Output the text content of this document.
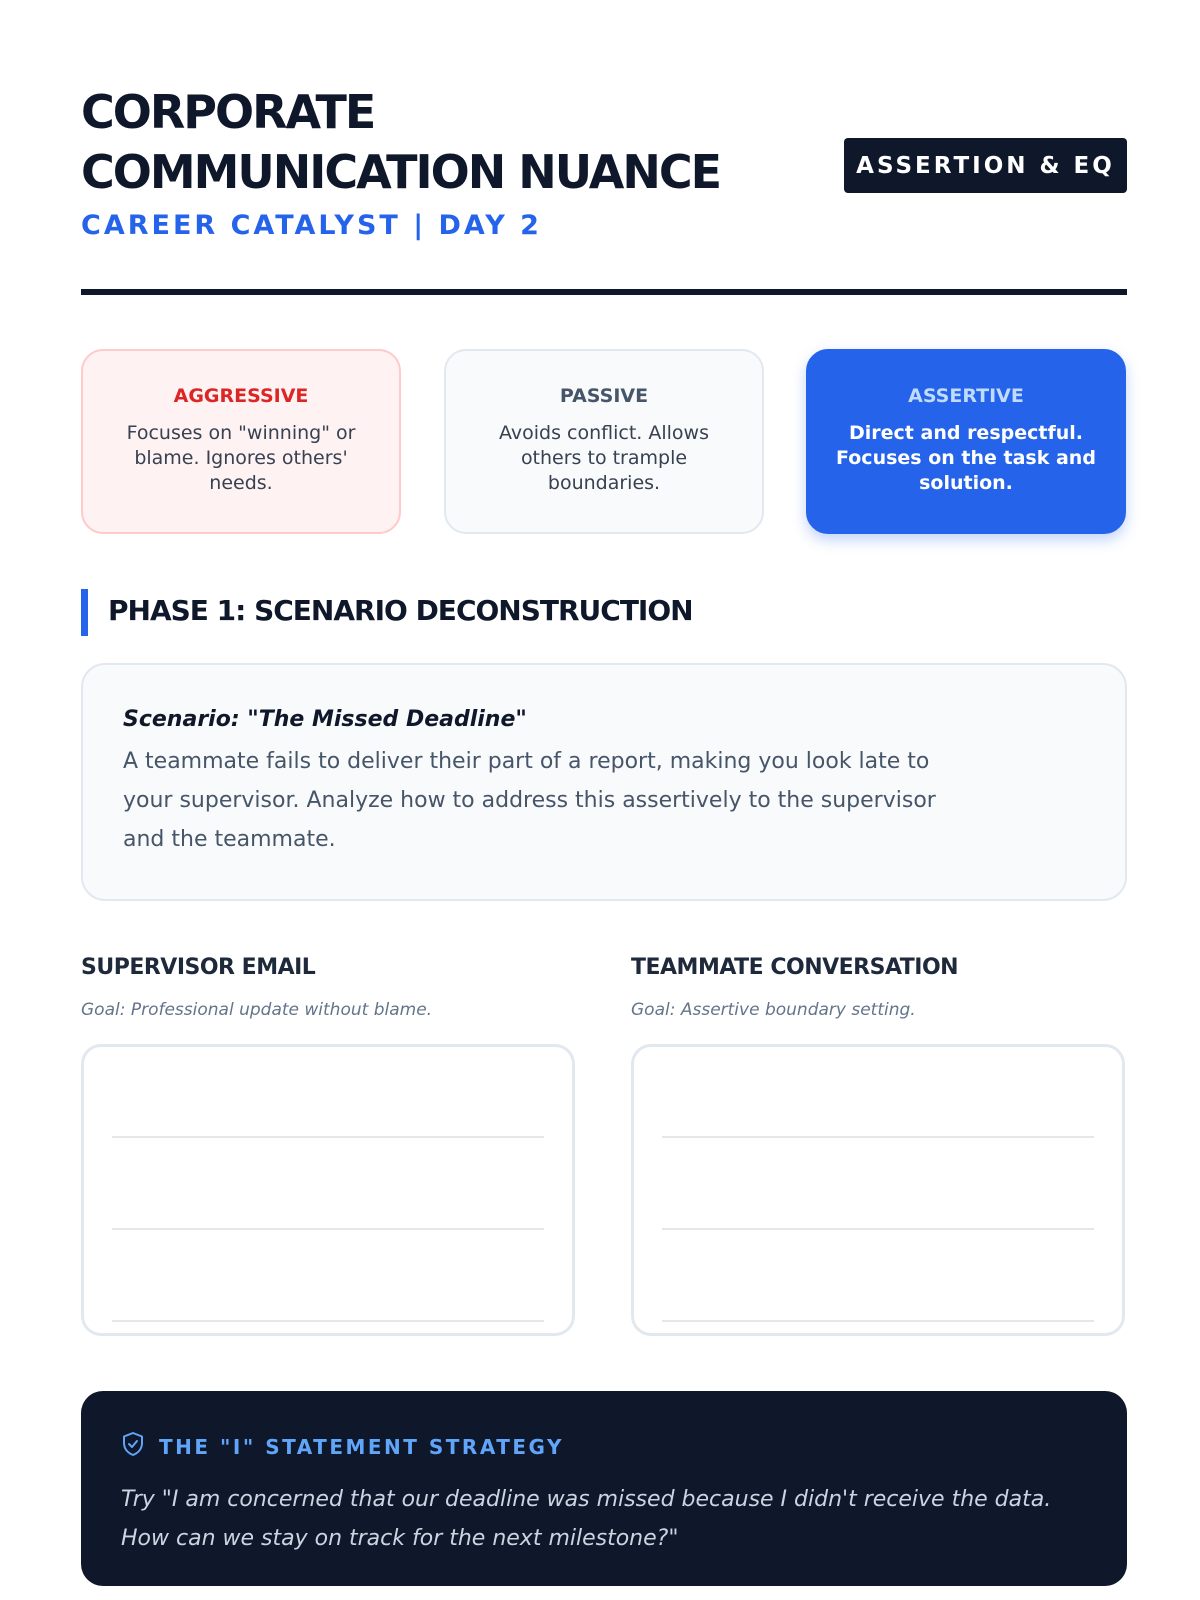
CORPORATE COMMUNICATION NUANCE
CAREER CATALYST | DAY 2
ASSERTION & EQ
AGGRESSIVE
Focuses on "winning" or blame. Ignores others' needs.
PASSIVE
Avoids conflict. Allows others to trample boundaries.
ASSERTIVE
Direct and respectful. Focuses on the task and solution.
PHASE 1: SCENARIO DECONSTRUCTION
Scenario: "The Missed Deadline"
A teammate fails to deliver their part of a report, making you look late to your supervisor. Analyze how to address this assertively to the supervisor and the teammate.
SUPERVISOR EMAIL
Goal: Professional update without blame.
TEAMMATE CONVERSATION
Goal: Assertive boundary setting.
THE "I" STATEMENT STRATEGY
Try "I am concerned that our deadline was missed because I didn't receive the data. How can we stay on track for the next milestone?"
